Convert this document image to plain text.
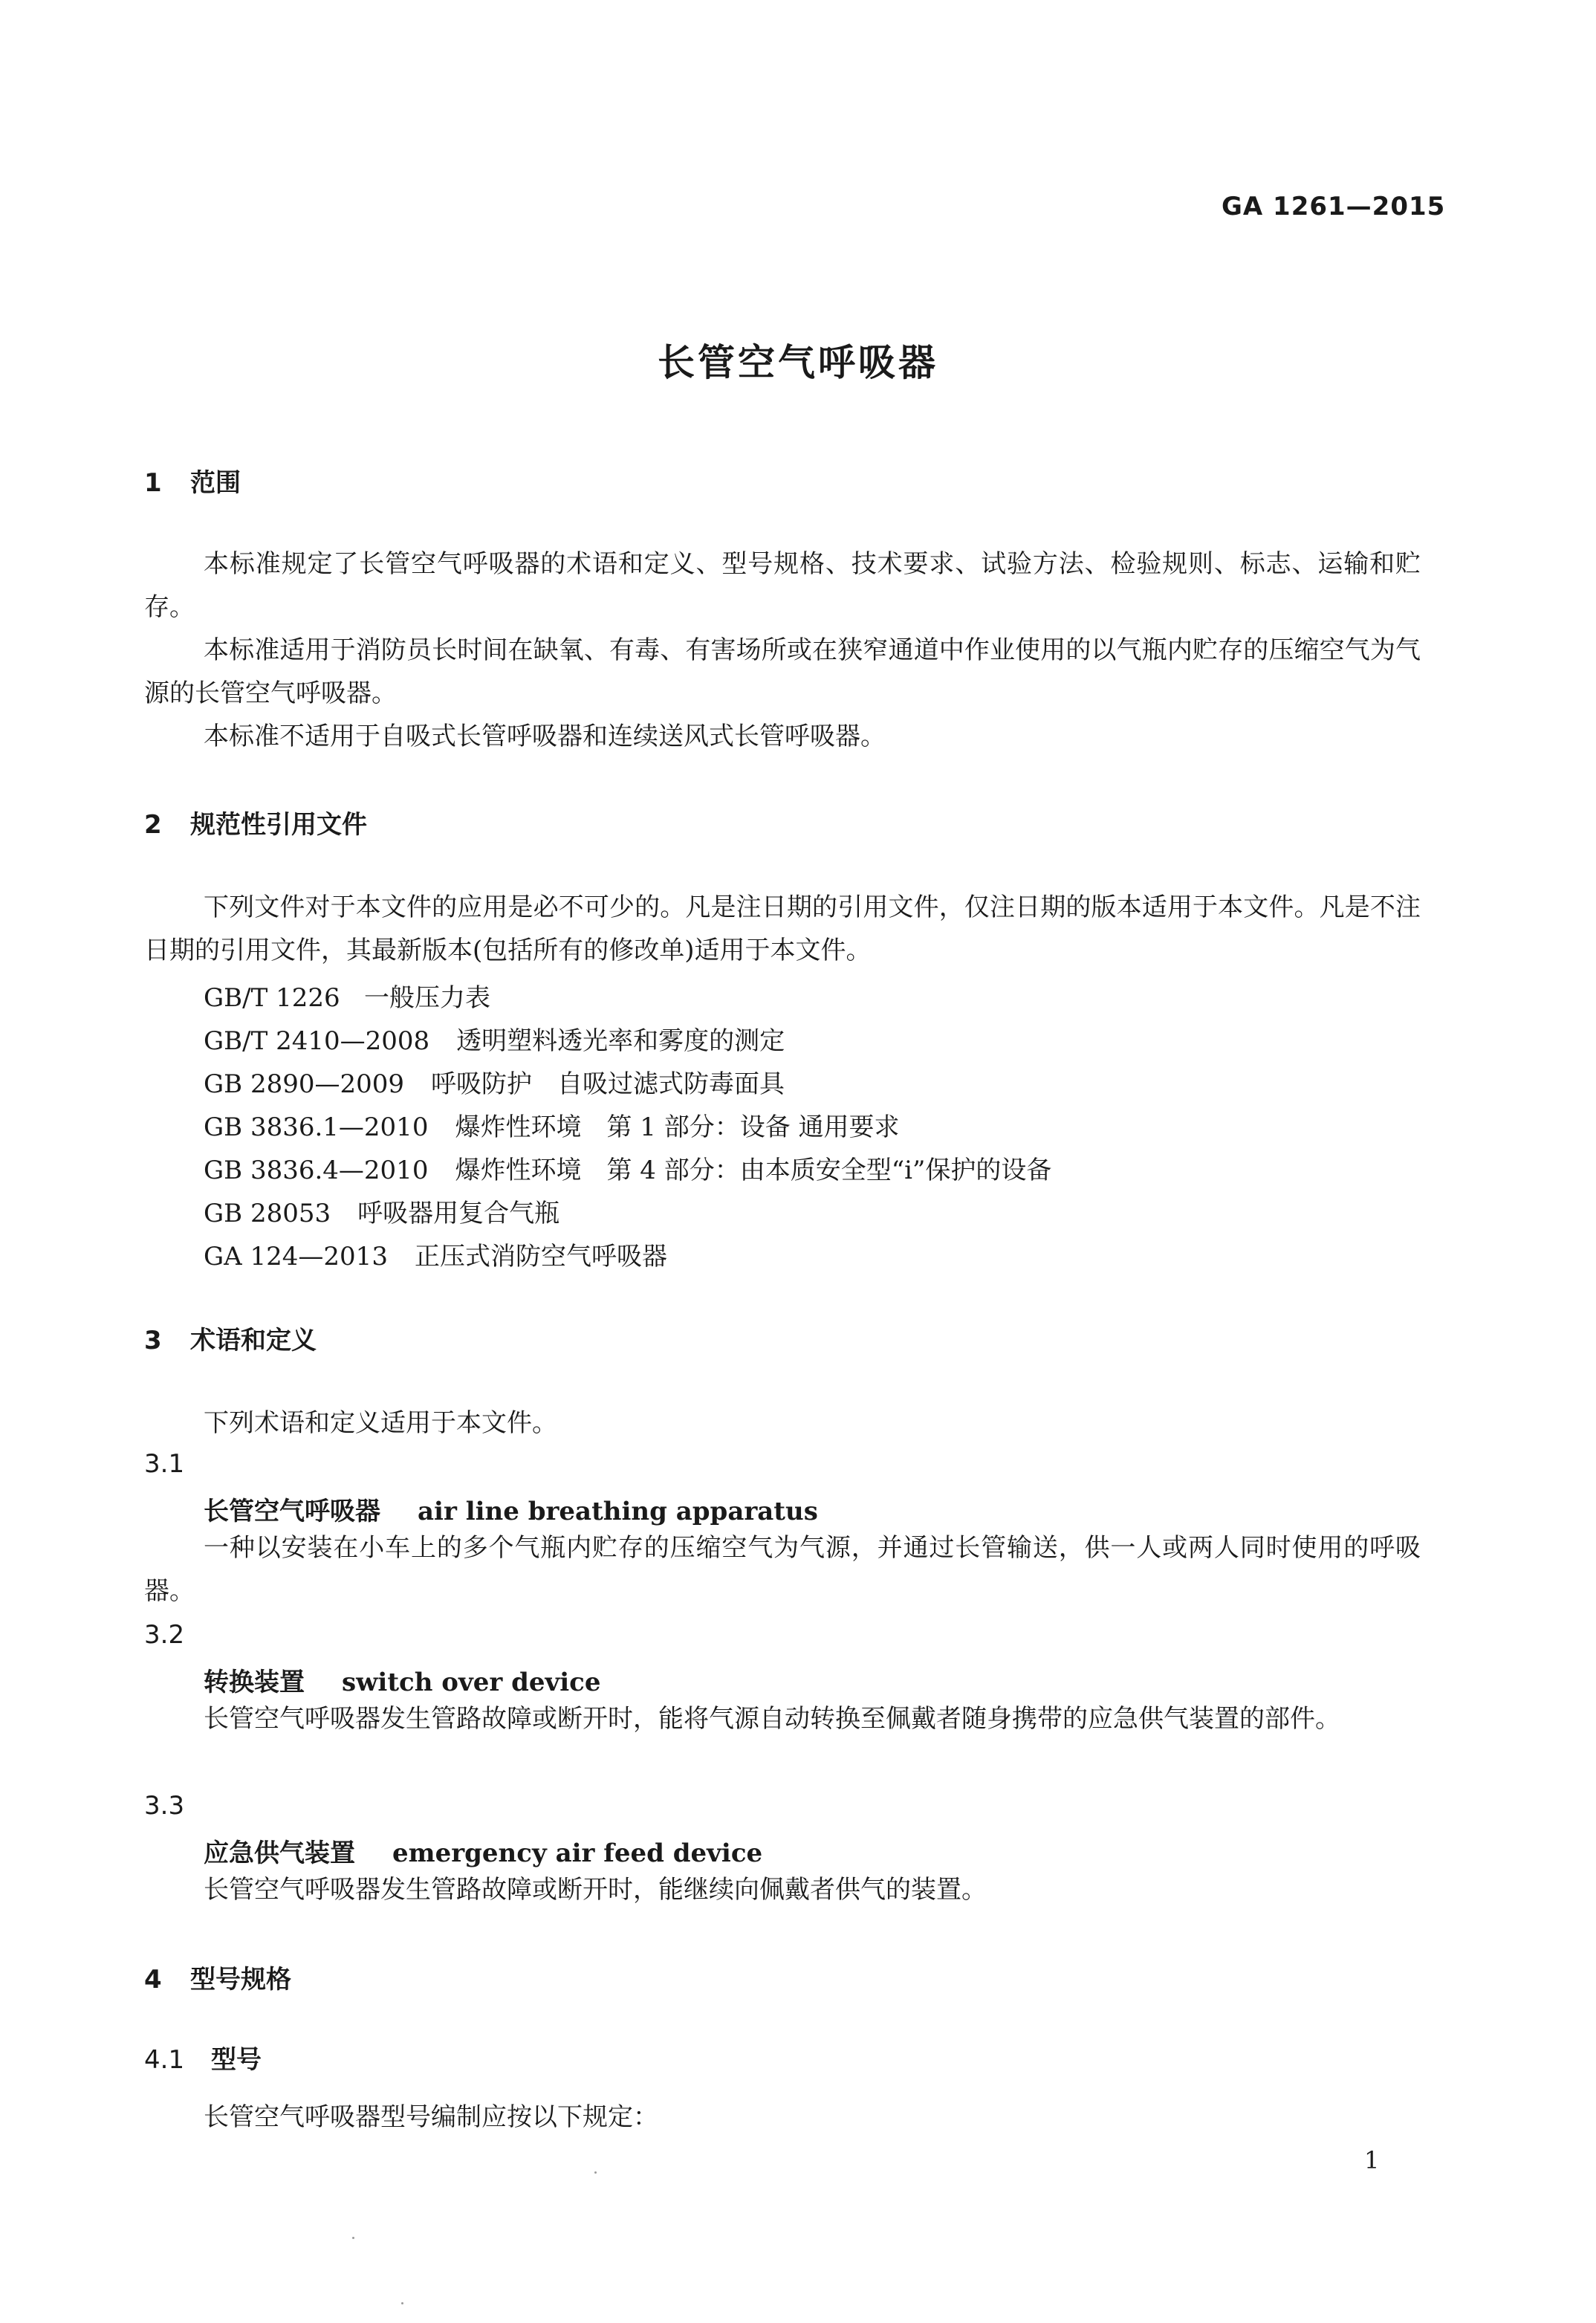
GA 1261—2015
长管空气呼吸器
1 范围
本标准规定了长管空气呼吸器的术语和定义、型号规格、技术要求、试验方法、检验规则、标志、运输和贮存。
本标准适用于消防员长时间在缺氧、有毒、有害场所或在狭窄通道中作业使用的以气瓶内贮存的压缩空气为气源的长管空气呼吸器。
本标准不适用于自吸式长管呼吸器和连续送风式长管呼吸器。
2 规范性引用文件
下列文件对于本文件的应用是必不可少的。凡是注日期的引用文件，仅注日期的版本适用于本文件。凡是不注日期的引用文件，其最新版本(包括所有的修改单)适用于本文件。
GB/T 1226 一般压力表
GB/T 2410—2008 透明塑料透光率和雾度的测定
GB 2890—2009 呼吸防护　自吸过滤式防毒面具
GB 3836.1—2010 爆炸性环境　第 1 部分：设备 通用要求
GB 3836.4—2010 爆炸性环境　第 4 部分：由本质安全型“i”保护的设备
GB 28053 呼吸器用复合气瓶
GA 124—2013 正压式消防空气呼吸器
3 术语和定义
下列术语和定义适用于本文件。
3.1
长管空气呼吸器 air line breathing apparatus
一种以安装在小车上的多个气瓶内贮存的压缩空气为气源，并通过长管输送，供一人或两人同时使用的呼吸器。
3.2
转换装置 switch over device
长管空气呼吸器发生管路故障或断开时，能将气源自动转换至佩戴者随身携带的应急供气装置的部件。
3.3
应急供气装置 emergency air feed device
长管空气呼吸器发生管路故障或断开时，能继续向佩戴者供气的装置。
4 型号规格
4.1 型号
长管空气呼吸器型号编制应按以下规定：
1
